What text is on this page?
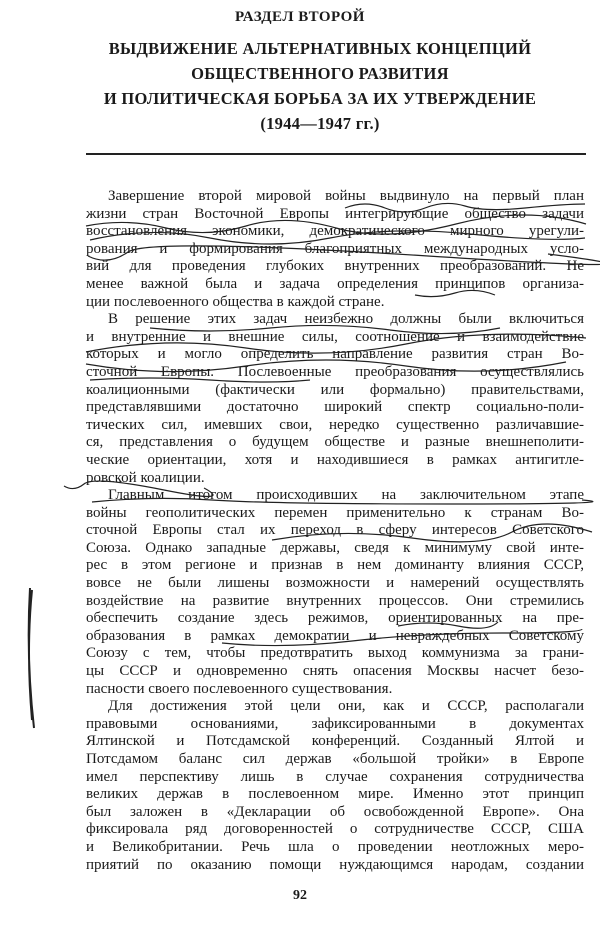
РАЗДЕЛ ВТОРОЙ
ВЫДВИЖЕНИЕ АЛЬТЕРНАТИВНЫХ КОНЦЕПЦИЙ
ОБЩЕСТВЕННОГО РАЗВИТИЯ
И ПОЛИТИЧЕСКАЯ БОРЬБА ЗА ИХ УТВЕРЖДЕНИЕ
(1944—1947 гг.)
Завершение второй мировой войны выдвинуло на первый план
жизни стран Восточной Европы интегрирующие общество задачи
восстановления экономики, демократического мирного урегули-
рования и формирования благоприятных международных усло-
вий для проведения глубоких внутренних преобразований. Не
менее важной была и задача определения принципов организа-
ции послевоенного общества в каждой стране.
В решение этих задач неизбежно должны были включиться
и внутренние и внешние силы, соотношение и взаимодействие
которых и могло определить направление развития стран Во-
сточной Европы. Послевоенные преобразования осуществлялись
коалиционными (фактически или формально) правительствами,
представлявшими достаточно широкий спектр социально-поли-
тических сил, имевших свои, нередко существенно различавшие-
ся, представления о будущем обществе и разные внешнеполити-
ческие ориентации, хотя и находившиеся в рамках антигитле-
ровской коалиции.
Главным итогом происходивших на заключительном этапе
войны геополитических перемен применительно к странам Во-
сточной Европы стал их переход в сферу интересов Советского
Союза. Однако западные державы, сведя к минимуму свой инте-
рес в этом регионе и признав в нем доминанту влияния СССР,
вовсе не были лишены возможности и намерений осуществлять
воздействие на развитие внутренних процессов. Они стремились
обеспечить создание здесь режимов, ориентированных на пре-
образования в рамках демократии и невраждебных Советскому
Союзу с тем, чтобы предотвратить выход коммунизма за грани-
цы СССР и одновременно снять опасения Москвы насчет безо-
пасности своего послевоенного существования.
Для достижения этой цели они, как и СССР, располагали
правовыми основаниями, зафиксированными в документах
Ялтинской и Потсдамской конференций. Созданный Ялтой и
Потсдамом баланс сил держав «большой тройки» в Европе
имел перспективу лишь в случае сохранения сотрудничества
великих держав в послевоенном мире. Именно этот принцип
был заложен в «Декларации об освобожденной Европе». Она
фиксировала ряд договоренностей о сотрудничестве СССР, США
и Великобритании. Речь шла о проведении неотложных меро-
приятий по оказанию помощи нуждающимся народам, создании
92
